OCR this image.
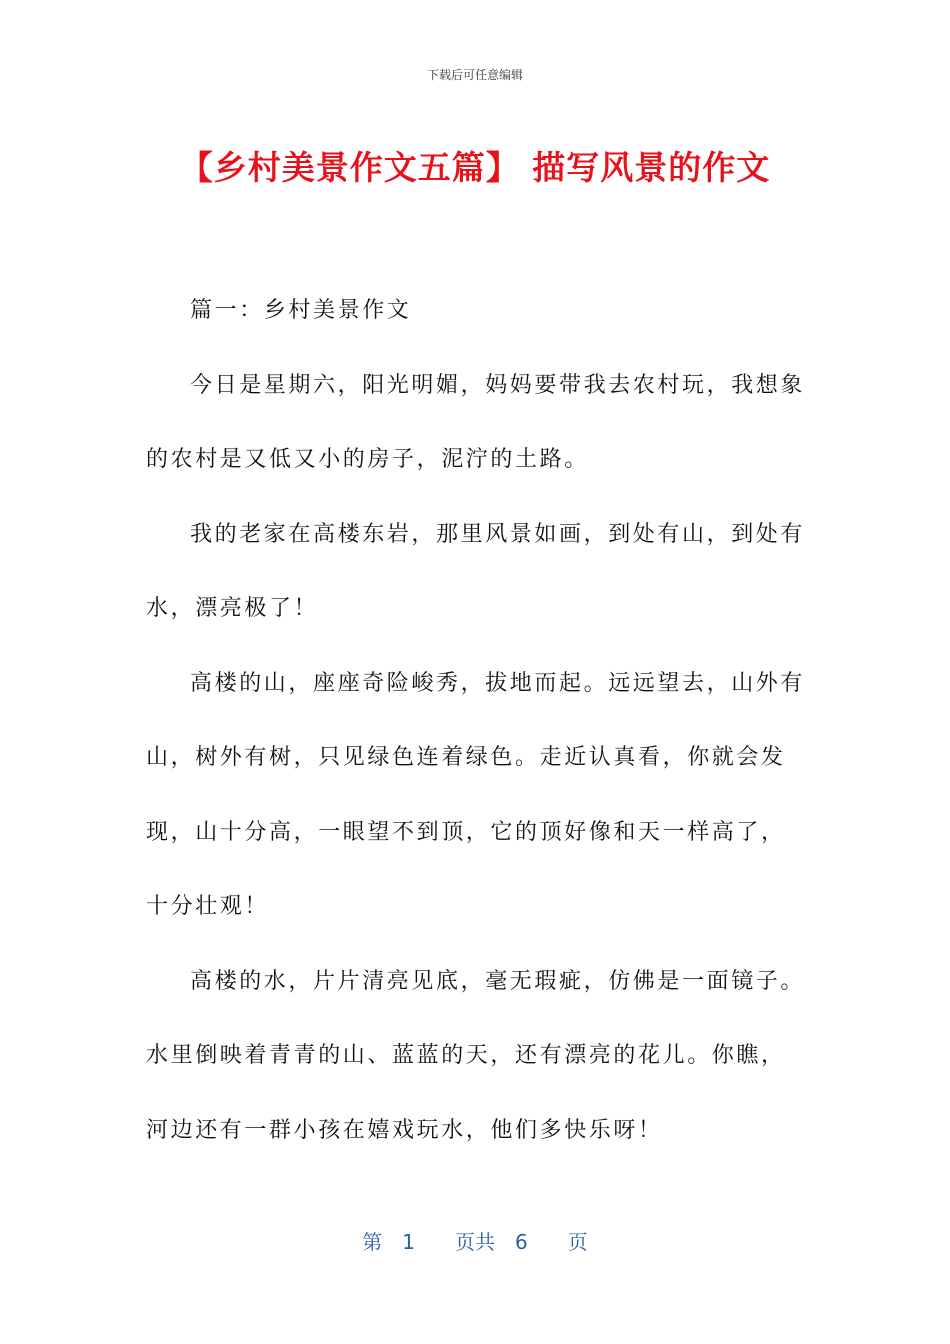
下载后可任意编辑
【乡村美景作文五篇】 描写风景的作文

篇一：乡村美景作文

今日是星期六，阳光明媚，妈妈要带我去农村玩，我想象的农村是又低又小的房子，泥泞的土路。

我的老家在高楼东岩，那里风景如画，到处有山，到处有水，漂亮极了！

高楼的山，座座奇险峻秀，拔地而起。远远望去，山外有山，树外有树，只见绿色连着绿色。走近认真看，你就会发现，山十分高，一眼望不到顶，它的顶好像和天一样高了，十分壮观！

高楼的水，片片清亮见底，毫无瑕疵，仿佛是一面镜子。水里倒映着青青的山、蓝蓝的天，还有漂亮的花儿。你瞧，河边还有一群小孩在嬉戏玩水，他们多快乐呀！

第　1　　页共　6　　页
